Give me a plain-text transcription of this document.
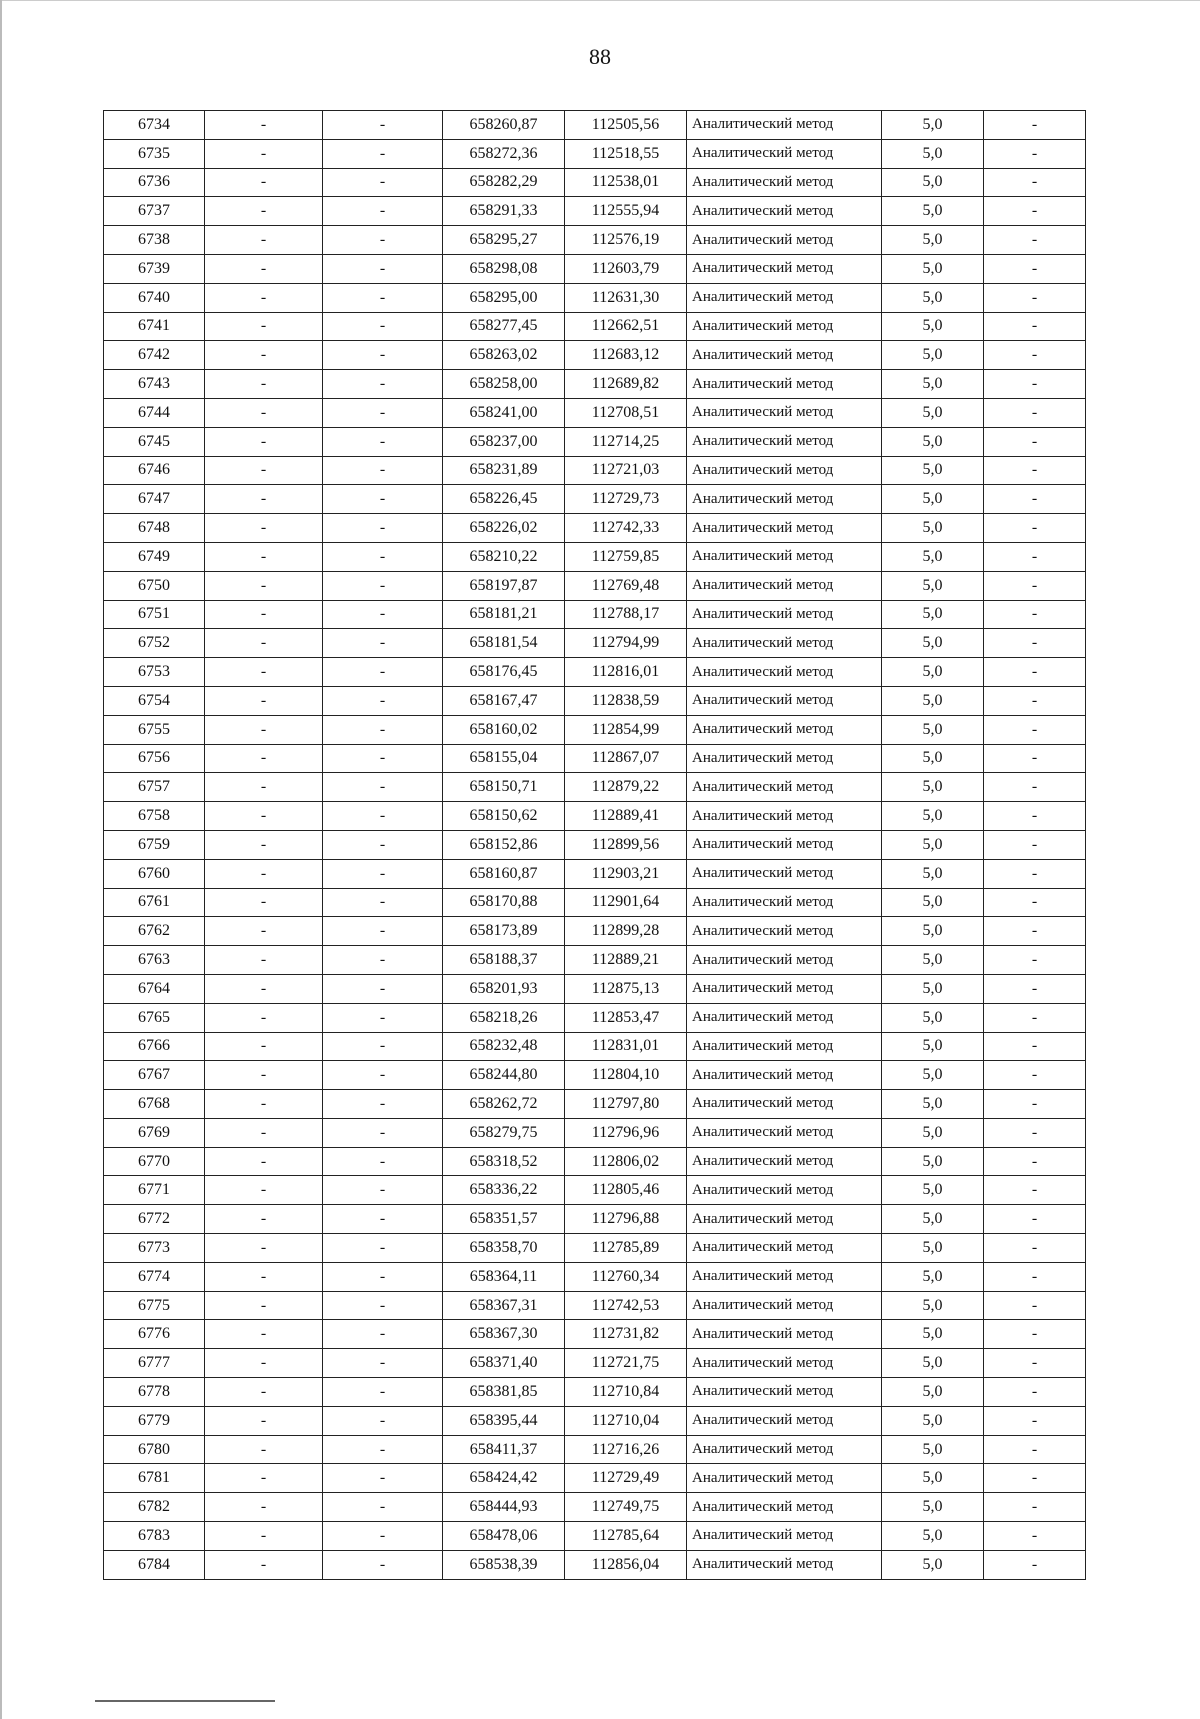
88
6734	-	-	658260,87	112505,56	Аналитический метод	5,0	-
6735	-	-	658272,36	112518,55	Аналитический метод	5,0	-
6736	-	-	658282,29	112538,01	Аналитический метод	5,0	-
6737	-	-	658291,33	112555,94	Аналитический метод	5,0	-
6738	-	-	658295,27	112576,19	Аналитический метод	5,0	-
6739	-	-	658298,08	112603,79	Аналитический метод	5,0	-
6740	-	-	658295,00	112631,30	Аналитический метод	5,0	-
6741	-	-	658277,45	112662,51	Аналитический метод	5,0	-
6742	-	-	658263,02	112683,12	Аналитический метод	5,0	-
6743	-	-	658258,00	112689,82	Аналитический метод	5,0	-
6744	-	-	658241,00	112708,51	Аналитический метод	5,0	-
6745	-	-	658237,00	112714,25	Аналитический метод	5,0	-
6746	-	-	658231,89	112721,03	Аналитический метод	5,0	-
6747	-	-	658226,45	112729,73	Аналитический метод	5,0	-
6748	-	-	658226,02	112742,33	Аналитический метод	5,0	-
6749	-	-	658210,22	112759,85	Аналитический метод	5,0	-
6750	-	-	658197,87	112769,48	Аналитический метод	5,0	-
6751	-	-	658181,21	112788,17	Аналитический метод	5,0	-
6752	-	-	658181,54	112794,99	Аналитический метод	5,0	-
6753	-	-	658176,45	112816,01	Аналитический метод	5,0	-
6754	-	-	658167,47	112838,59	Аналитический метод	5,0	-
6755	-	-	658160,02	112854,99	Аналитический метод	5,0	-
6756	-	-	658155,04	112867,07	Аналитический метод	5,0	-
6757	-	-	658150,71	112879,22	Аналитический метод	5,0	-
6758	-	-	658150,62	112889,41	Аналитический метод	5,0	-
6759	-	-	658152,86	112899,56	Аналитический метод	5,0	-
6760	-	-	658160,87	112903,21	Аналитический метод	5,0	-
6761	-	-	658170,88	112901,64	Аналитический метод	5,0	-
6762	-	-	658173,89	112899,28	Аналитический метод	5,0	-
6763	-	-	658188,37	112889,21	Аналитический метод	5,0	-
6764	-	-	658201,93	112875,13	Аналитический метод	5,0	-
6765	-	-	658218,26	112853,47	Аналитический метод	5,0	-
6766	-	-	658232,48	112831,01	Аналитический метод	5,0	-
6767	-	-	658244,80	112804,10	Аналитический метод	5,0	-
6768	-	-	658262,72	112797,80	Аналитический метод	5,0	-
6769	-	-	658279,75	112796,96	Аналитический метод	5,0	-
6770	-	-	658318,52	112806,02	Аналитический метод	5,0	-
6771	-	-	658336,22	112805,46	Аналитический метод	5,0	-
6772	-	-	658351,57	112796,88	Аналитический метод	5,0	-
6773	-	-	658358,70	112785,89	Аналитический метод	5,0	-
6774	-	-	658364,11	112760,34	Аналитический метод	5,0	-
6775	-	-	658367,31	112742,53	Аналитический метод	5,0	-
6776	-	-	658367,30	112731,82	Аналитический метод	5,0	-
6777	-	-	658371,40	112721,75	Аналитический метод	5,0	-
6778	-	-	658381,85	112710,84	Аналитический метод	5,0	-
6779	-	-	658395,44	112710,04	Аналитический метод	5,0	-
6780	-	-	658411,37	112716,26	Аналитический метод	5,0	-
6781	-	-	658424,42	112729,49	Аналитический метод	5,0	-
6782	-	-	658444,93	112749,75	Аналитический метод	5,0	-
6783	-	-	658478,06	112785,64	Аналитический метод	5,0	-
6784	-	-	658538,39	112856,04	Аналитический метод	5,0	-
